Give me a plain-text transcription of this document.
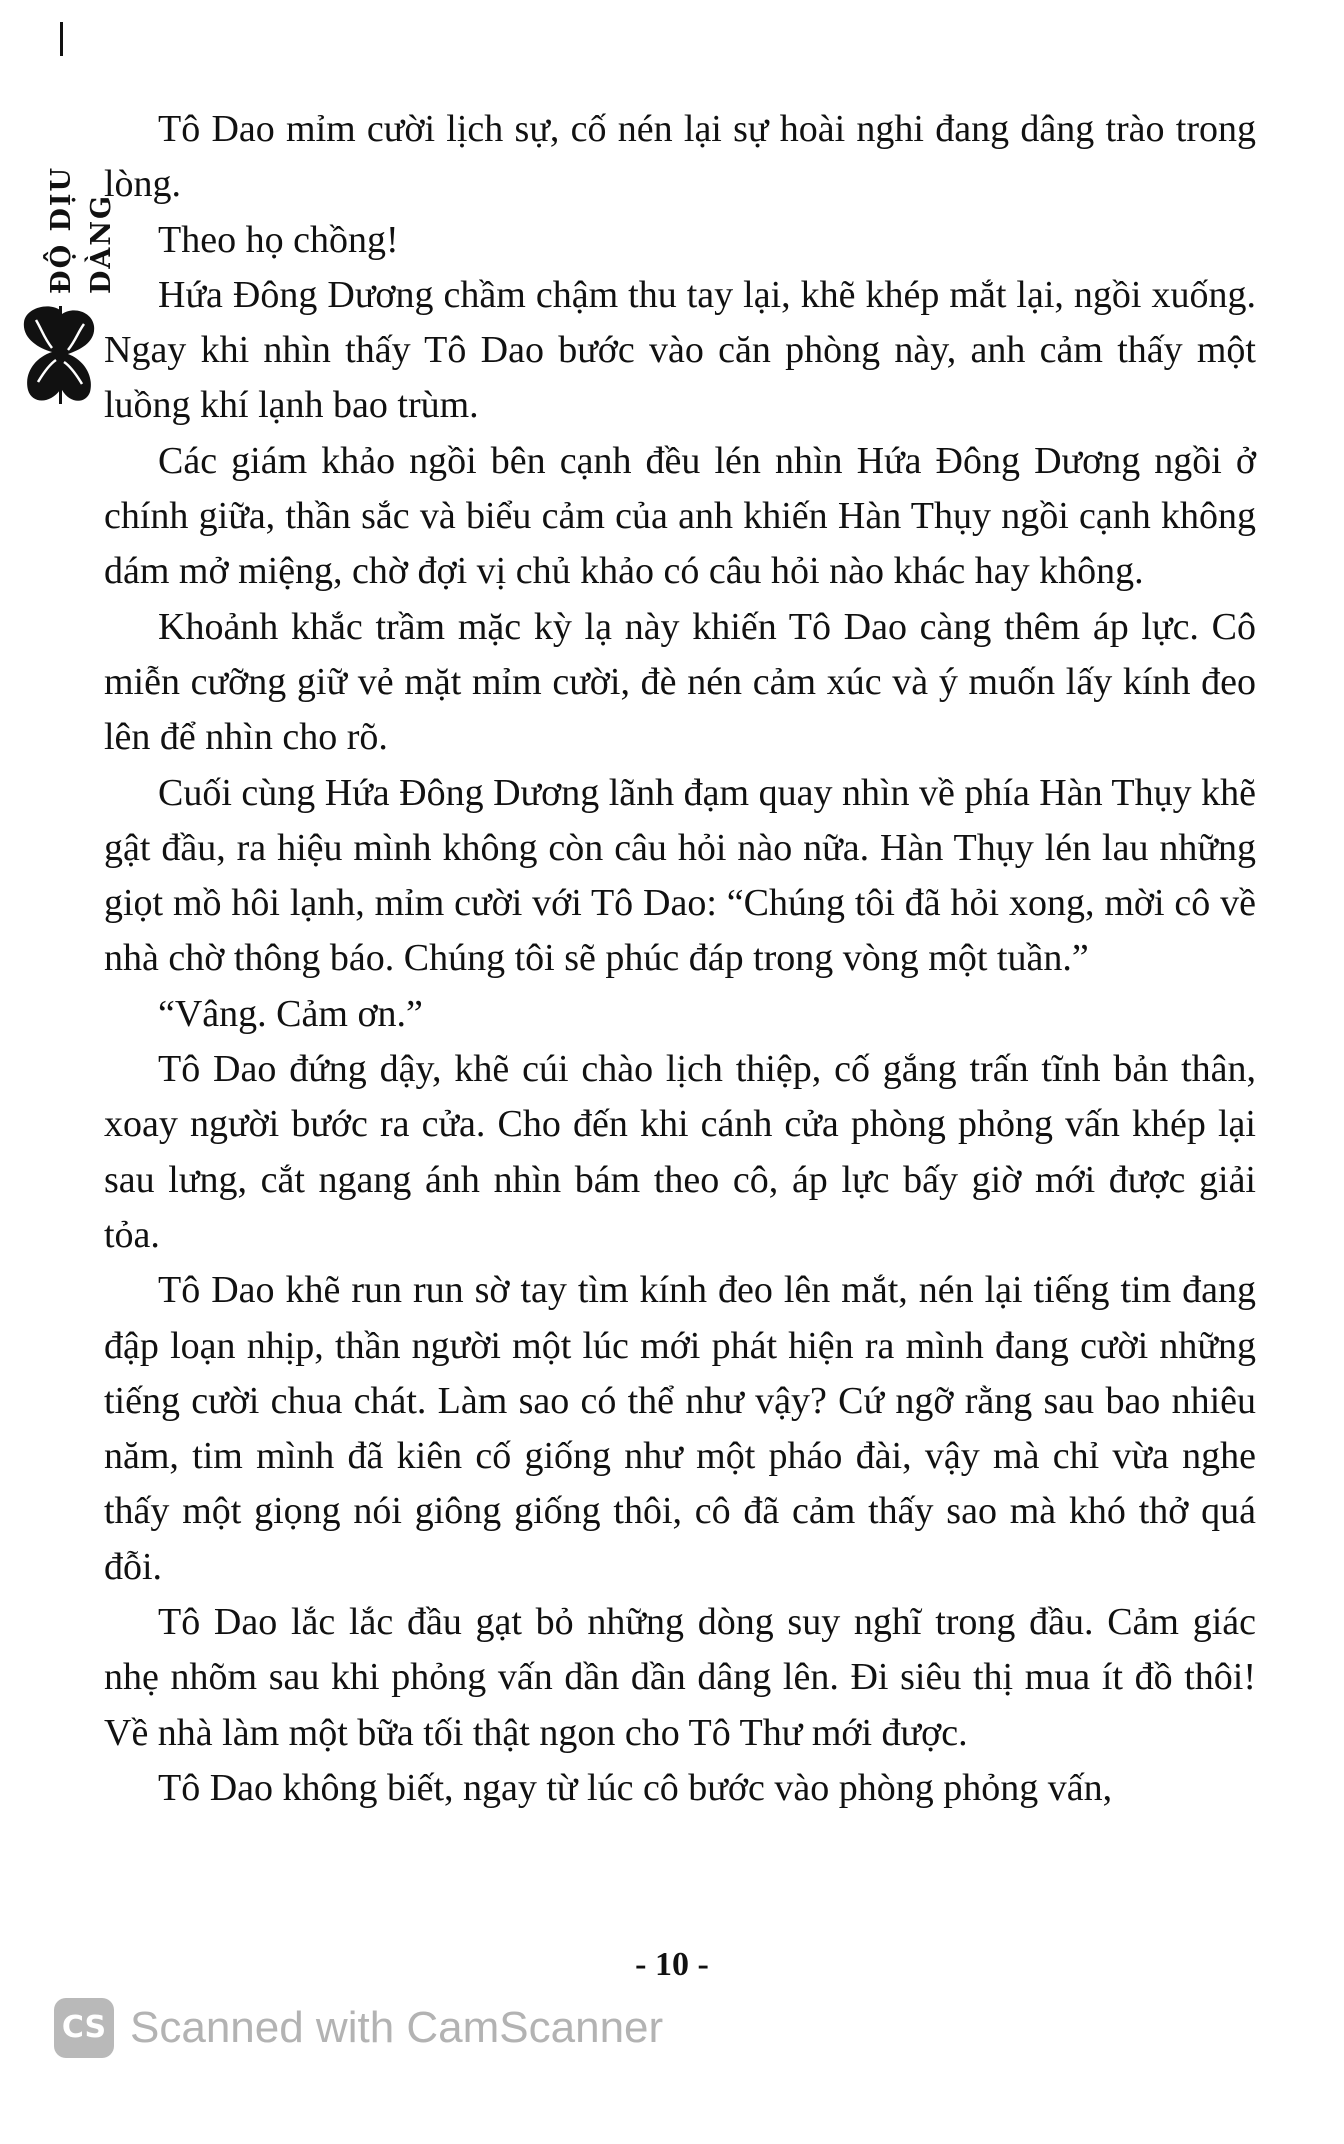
ĐỘ DỊU DÀNG

Tô Dao mỉm cười lịch sự, cố nén lại sự hoài nghi đang dâng trào trong lòng.

Theo họ chồng!

Hứa Đông Dương chầm chậm thu tay lại, khẽ khép mắt lại, ngồi xuống. Ngay khi nhìn thấy Tô Dao bước vào căn phòng này, anh cảm thấy một luồng khí lạnh bao trùm.

Các giám khảo ngồi bên cạnh đều lén nhìn Hứa Đông Dương ngồi ở chính giữa, thần sắc và biểu cảm của anh khiến Hàn Thụy ngồi cạnh không dám mở miệng, chờ đợi vị chủ khảo có câu hỏi nào khác hay không.

Khoảnh khắc trầm mặc kỳ lạ này khiến Tô Dao càng thêm áp lực. Cô miễn cưỡng giữ vẻ mặt mỉm cười, đè nén cảm xúc và ý muốn lấy kính đeo lên để nhìn cho rõ.

Cuối cùng Hứa Đông Dương lãnh đạm quay nhìn về phía Hàn Thụy khẽ gật đầu, ra hiệu mình không còn câu hỏi nào nữa. Hàn Thụy lén lau những giọt mồ hôi lạnh, mỉm cười với Tô Dao: “Chúng tôi đã hỏi xong, mời cô về nhà chờ thông báo. Chúng tôi sẽ phúc đáp trong vòng một tuần.”

“Vâng. Cảm ơn.”

Tô Dao đứng dậy, khẽ cúi chào lịch thiệp, cố gắng trấn tĩnh bản thân, xoay người bước ra cửa. Cho đến khi cánh cửa phòng phỏng vấn khép lại sau lưng, cắt ngang ánh nhìn bám theo cô, áp lực bấy giờ mới được giải tỏa.

Tô Dao khẽ run run sờ tay tìm kính đeo lên mắt, nén lại tiếng tim đang đập loạn nhịp, thần người một lúc mới phát hiện ra mình đang cười những tiếng cười chua chát. Làm sao có thể như vậy? Cứ ngỡ rằng sau bao nhiêu năm, tim mình đã kiên cố giống như một pháo đài, vậy mà chỉ vừa nghe thấy một giọng nói giông giống thôi, cô đã cảm thấy sao mà khó thở quá đỗi.

Tô Dao lắc lắc đầu gạt bỏ những dòng suy nghĩ trong đầu. Cảm giác nhẹ nhõm sau khi phỏng vấn dần dần dâng lên. Đi siêu thị mua ít đồ thôi! Về nhà làm một bữa tối thật ngon cho Tô Thư mới được.

Tô Dao không biết, ngay từ lúc cô bước vào phòng phỏng vấn,

- 10 -
CS Scanned with CamScanner
